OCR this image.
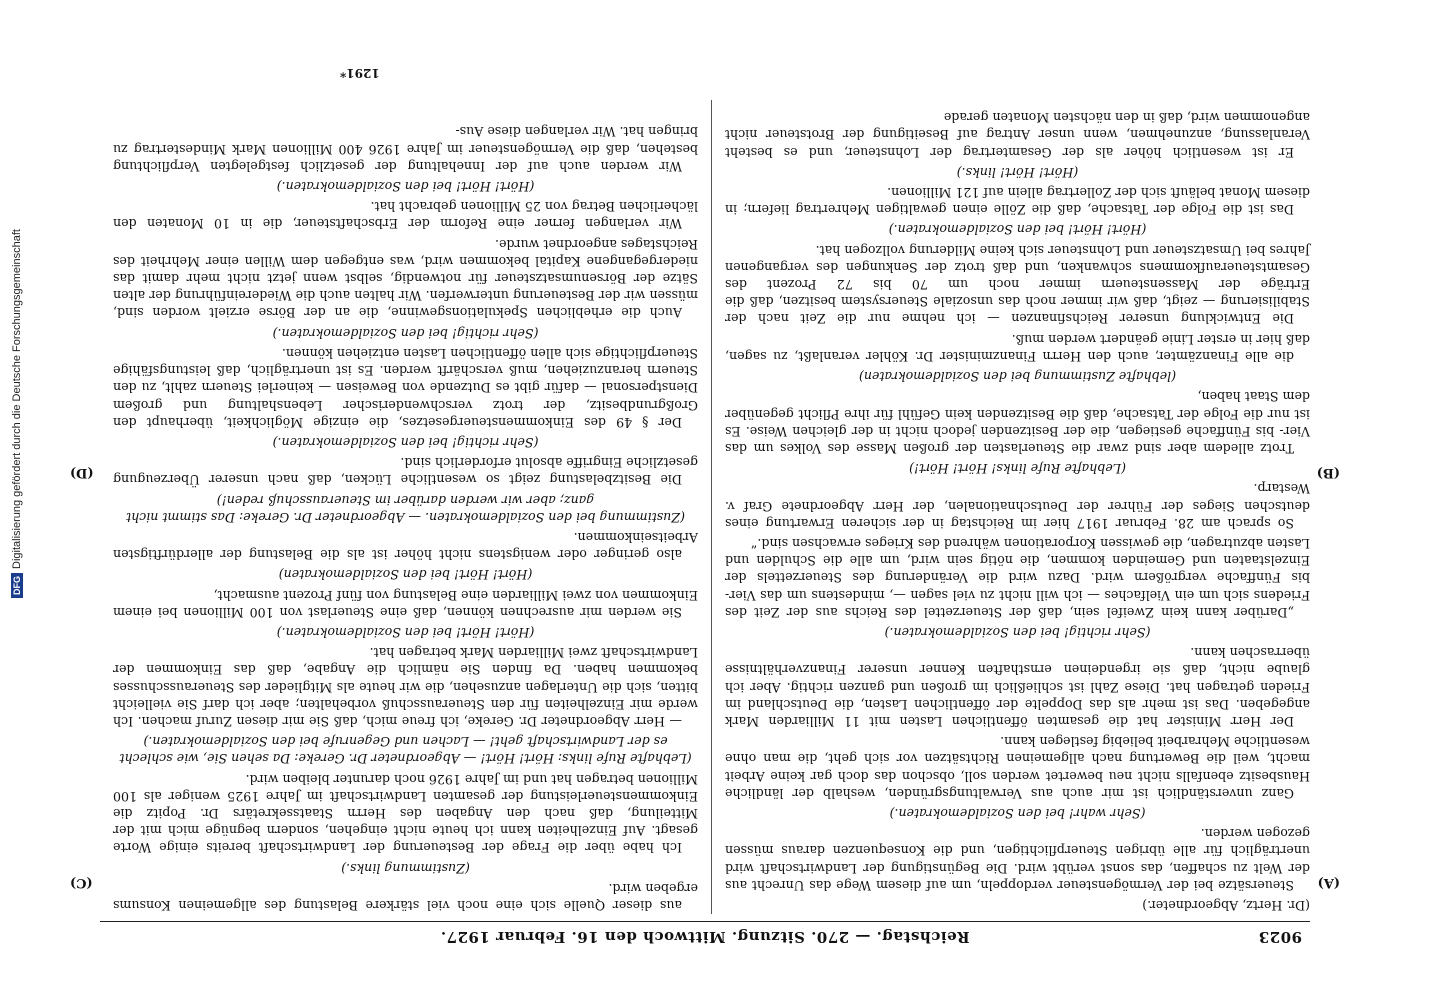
9023
Reichstag. — 270. Sitzung. Mittwoch den 16. Februar 1927.

(Dr. Hertz, Abgeordneter.)

Steuersätze bei der Vermögensteuer verdoppeln, um auf diesem Wege das Unrecht aus der Welt zu schaffen, das sonst verübt wird. Die Begünstigung der Landwirtschaft wird unerträglich für alle übrigen Steuerpflichtigen, und die Konsequenzen daraus müssen gezogen werden.

(Sehr wahr! bei den Sozialdemokraten.)

Ganz unverständlich ist mir auch aus Verwaltungsgründen, weshalb der ländliche Hausbesitz ebenfalls nicht neu bewertet werden soll, obschon das doch gar keine Arbeit macht, weil die Bewertung nach allgemeinen Richtsätzen vor sich geht, die man ohne wesentliche Mehrarbeit beliebig festlegen kann.

Der Herr Minister hat die gesamten öffentlichen Lasten mit 11 Milliarden Mark angegeben. Das ist mehr als das Doppelte der öffentlichen Lasten, die Deutschland im Frieden getragen hat. Diese Zahl ist schließlich im großen und ganzen richtig. Aber ich glaube nicht, daß sie irgendeinen ernsthaften Kenner unserer Finanzverhältnisse überraschen kann.

(Sehr richtig! bei den Sozialdemokraten.)

„Darüber kann kein Zweifel sein, daß der Steuerzettel des Reichs aus der Zeit des Friedens sich um ein Vielfaches — ich will nicht zu viel sagen —, mindestens um das Vier- bis Fünffache vergrößern wird. Dazu wird die Veränderung des Steuerzettels der Einzelstaaten und Gemeinden kommen, die nötig sein wird, um alle die Schulden und Lasten abzutragen, die gewissen Korporationen während des Krieges erwachsen sind.“

So sprach am 28. Februar 1917 hier im Reichstag in der sicheren Erwartung eines deutschen Sieges der Führer der Deutschnationalen, der Herr Abgeordnete Graf v. Westarp.

(Lebhafte Rufe links! Hört! Hört!)

Trotz alledem aber sind zwar die Steuerlasten der großen Masse des Volkes um das Vier- bis Fünffache gestiegen, die der Besitzenden jedoch nicht in der gleichen Weise. Es ist nur die Folge der Tatsache, daß die Besitzenden kein Gefühl für ihre Pflicht gegenüber dem Staat haben,

(lebhafte Zustimmung bei den Sozialdemokraten)

die alle Finanzämter, auch den Herrn Finanzminister Dr. Köhler veranlaßt, zu sagen, daß hier in erster Linie geändert werden muß.

Die Entwicklung unserer Reichsfinanzen — ich nehme nur die Zeit nach der Stabilisierung — zeigt, daß wir immer noch das unsoziale Steuersystem besitzen, daß die Erträge der Massensteuern immer noch um 70 bis 72 Prozent des Gesamtsteueraufkommens schwanken, und daß trotz der Senkungen des vergangenen Jahres bei Umsatzsteuer und Lohnsteuer sich keine Milderung vollzogen hat.

(Hört! Hört! bei den Sozialdemokraten.)

Das ist die Folge der Tatsache, daß die Zölle einen gewaltigen Mehrertrag liefern; in diesem Monat beläuft sich der Zollertrag allein auf 121 Millionen.

(Hört! Hört! links.)

Er ist wesentlich höher als der Gesamtertrag der Lohnsteuer, und es besteht Veranlassung, anzunehmen, wenn unser Antrag auf Beseitigung der Brotsteuer nicht angenommen wird, daß in den nächsten Monaten gerade

aus dieser Quelle sich eine noch viel stärkere Belastung des allgemeinen Konsums ergeben wird.

(Zustimmung links.)

Ich habe über die Frage der Besteuerung der Landwirtschaft bereits einige Worte gesagt. Auf Einzelheiten kann ich heute nicht eingehen, sondern begnüge mich mit der Mitteilung, daß nach den Angaben des Herrn Staatssekretärs Dr. Popitz die Einkommensteuerleistung der gesamten Landwirtschaft im Jahre 1925 weniger als 100 Millionen betragen hat und im Jahre 1926 noch darunter bleiben wird.

(Lebhafte Rufe links: Hört! Hört! — Abgeordneter Dr. Gereke: Da sehen Sie, wie schlecht es der Landwirtschaft geht! — Lachen und Gegenrufe bei den Sozialdemokraten.)

— Herr Abgeordneter Dr. Gereke, ich freue mich, daß Sie mir diesen Zuruf machen. Ich werde mir Einzelheiten für den Steuerausschuß vorbehalten; aber ich darf Sie vielleicht bitten, sich die Unterlagen anzusehen, die wir heute als Mitglieder des Steuerausschusses bekommen haben. Da finden Sie nämlich die Angabe, daß das Einkommen der Landwirtschaft zwei Milliarden Mark betragen hat.

(Hört! Hört! bei den Sozialdemokraten.)

Sie werden mir ausrechnen können, daß eine Steuerlast von 100 Millionen bei einem Einkommen von zwei Milliarden eine Belastung von fünf Prozent ausmacht,

(Hört! Hört! bei den Sozialdemokraten)

also geringer oder wenigstens nicht höher ist als die Belastung der allerdürftigsten Arbeitseinkommen.

(Zustimmung bei den Sozialdemokraten. — Abgeordneter Dr. Gereke: Das stimmt nicht ganz; aber wir werden darüber im Steuerausschuß reden!)

Die Besitzbelastung zeigt so wesentliche Lücken, daß nach unserer Überzeugung gesetzliche Eingriffe absolut erforderlich sind.

(Sehr richtig! bei den Sozialdemokraten.)

Der § 49 des Einkommensteuergesetzes, die einzige Möglichkeit, überhaupt den Großgrundbesitz, der trotz verschwenderischer Lebenshaltung und großem Dienstpersonal — dafür gibt es Dutzende von Beweisen — keinerlei Steuern zahlt, zu den Steuern heranzuziehen, muß verschärft werden. Es ist unerträglich, daß leistungsfähige Steuerpflichtige sich allen öffentlichen Lasten entziehen können.

(Sehr richtig! bei den Sozialdemokraten.)

Auch die erheblichen Spekulationsgewinne, die an der Börse erzielt worden sind, müssen wir der Besteuerung unterwerfen. Wir halten auch die Wiedereinführung der alten Sätze der Börsenumsatzsteuer für notwendig, selbst wenn jetzt nicht mehr damit das niedergegangene Kapital bekommen wird, was entgegen dem Willen einer Mehrheit des Reichstages angeordnet wurde.

Wir verlangen ferner eine Reform der Erbschaftsteuer, die in 10 Monaten den lächerlichen Betrag von 25 Millionen gebracht hat.

(Hört! Hört! bei den Sozialdemokraten.)

Wir werden auch auf der Innehaltung der gesetzlich festgelegten Verpflichtung bestehen, daß die Vermögensteuer im Jahre 1926 400 Millionen Mark Mindestertrag zu bringen hat. Wir verlangen diese Aus-

(A)
(B)
(C)
(D)
1291*
DFG
Digitalisierung gefördert durch die Deutsche Forschungsgemeinschaft
